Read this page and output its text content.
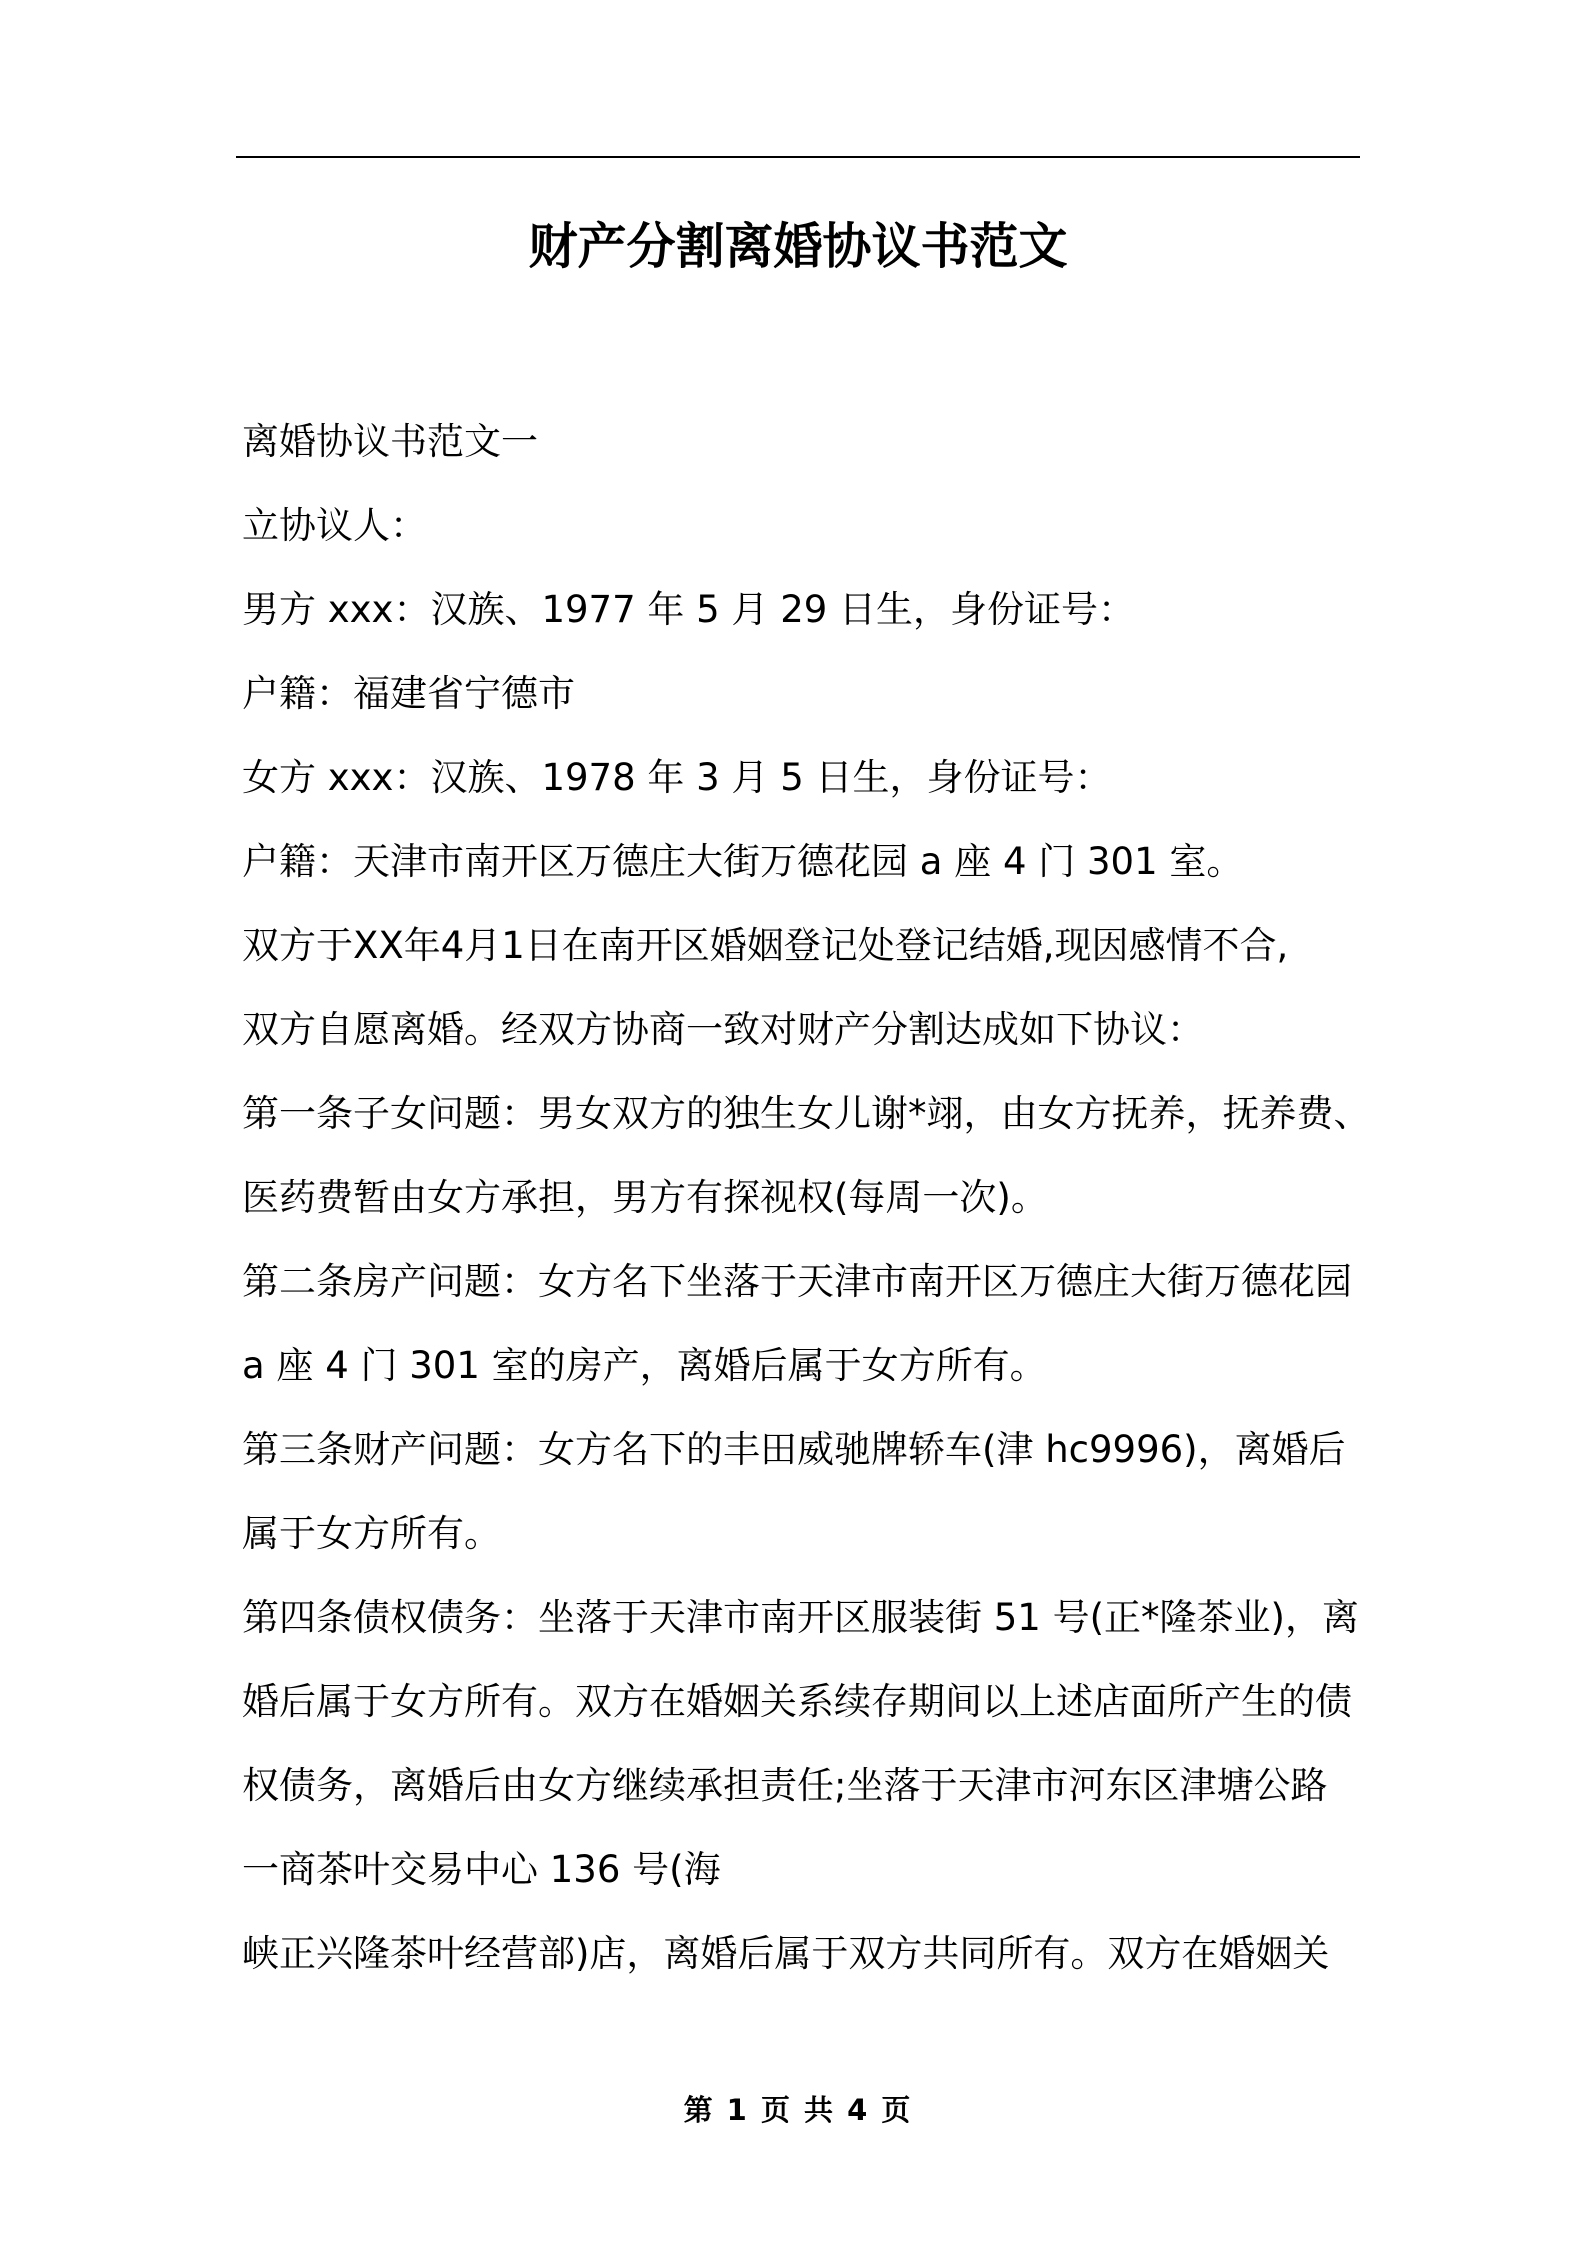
财产分割离婚协议书范文

离婚协议书范文一

立协议人：

男方 xxx：汉族、1977 年 5 月 29 日生，身份证号：

户籍：福建省宁德市

女方 xxx：汉族、1978 年 3 月 5 日生，身份证号：

户籍：天津市南开区万德庄大街万德花园 a 座 4 门 301 室。

双方于XX年4月1日在南开区婚姻登记处登记结婚,现因感情不合,

双方自愿离婚。经双方协商一致对财产分割达成如下协议：

第一条子女问题：男女双方的独生女儿谢*翊，由女方抚养，抚养费、

医药费暂由女方承担，男方有探视权(每周一次)。

第二条房产问题：女方名下坐落于天津市南开区万德庄大街万德花园

a 座 4 门 301 室的房产，离婚后属于女方所有。

第三条财产问题：女方名下的丰田威驰牌轿车(津 hc9996)，离婚后

属于女方所有。

第四条债权债务：坐落于天津市南开区服装街 51 号(正*隆茶业)，离

婚后属于女方所有。双方在婚姻关系续存期间以上述店面所产生的债

权债务，离婚后由女方继续承担责任;坐落于天津市河东区津塘公路

一商茶叶交易中心 136 号(海

峡正兴隆茶叶经营部)店，离婚后属于双方共同所有。双方在婚姻关

第 1 页 共 4 页
